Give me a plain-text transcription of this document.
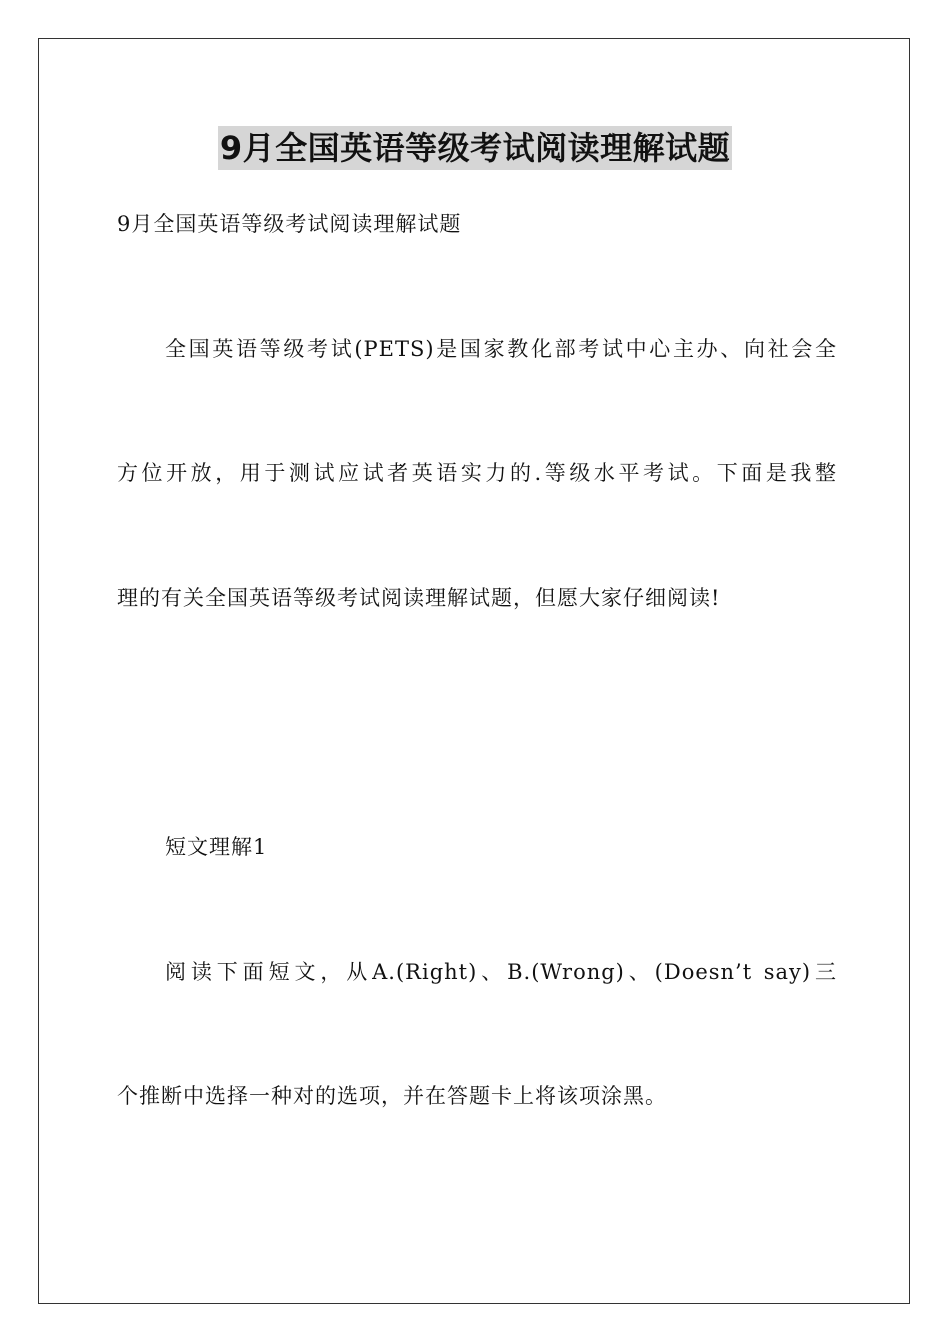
9月全国英语等级考试阅读理解试题
9月全国英语等级考试阅读理解试题
全国英语等级考试(PETS)是国家教化部考试中心主办、向社会全
方位开放，用于测试应试者英语实力的.等级水平考试。下面是我整
理的有关全国英语等级考试阅读理解试题，但愿大家仔细阅读!
短文理解1
阅读下面短文，从A.(Right)、B.(Wrong)、(Doesn’t say)三
个推断中选择一种对的选项，并在答题卡上将该项涂黑。
